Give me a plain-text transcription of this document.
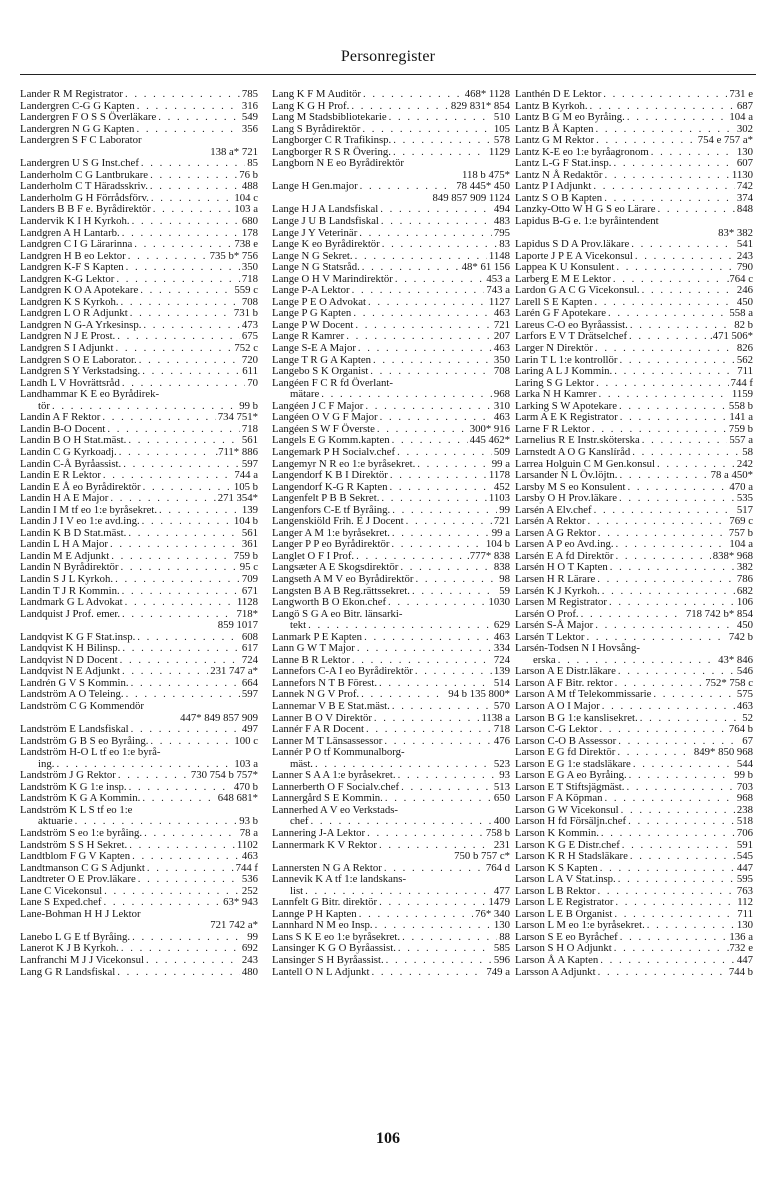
Personregister
Lander R M Registrator . . .	785
Landergren C-G G Kapten . . .	316
Landergren F O S S Överläkare . . .	549
Landergren N G G Kapten . . .	356
Landergren S F C Laborator
138 a* 721
Landergren U S G Inst.chef . . .	85
Landerholm C G Lantbrukare . . .	76 b
Landerholm C T Häradsskriv. . . .	488
Landerholm G H Förrådsförv. . . .	104 c
Landers B B F e. Byrådirektör . . .	103 a
Landervik K I H Kyrkoh. . . .	680
Landgren A H Lantarb. . . .	178
Landgren C I G Lärarinna . . .	738 e
Landgren H B eo Lektor . . .	735 b* 756
Landgren K-F S Kapten . . .	350
Landgren K-G Lektor . . .	718
Landgren K O A Apotekare . . .	559 c
Landgren K S Kyrkoh. . . .	708
Landgren L O R Adjunkt . . .	731 b
Landgren N G-A Yrkesinsp. . . .	473
Landgren N J E Prost. . . .	675
Landgren S I Adjunkt . . .	752 c
Landgren S O E Laborator. . . .	720
Landgren S Y Verkstadsing. . . .	611
Landh L V Hovrättsråd . . .	70
Landhammar K E eo Byrådirek-
tör . . .	99 b
Landin A F Rektor . . .	734 751*
Landin B-O Docent . . .	718
Landin B O H Stat.mäst. . . .	561
Landin C G Kyrkoadj. . . .	.711* 886
Landin C-Å Byråassist. . . .	597
Landin E R Lektor . . .	744 a
Landin E Å eo Byrådirektör . . .	105 b
Landin H A E Major . . .	271 354*
Landin I M tf eo 1:e byråsekret. . . .	139
Landin J I V eo 1:e avd.ing. . . .	104 b
Landin K B D Stat.mäst. . . .	561
Landin L H A Major . . .	361
Landin M E Adjunkt . . .	759 b
Landin N Byrådirektör . . .	95 c
Landin S J L Kyrkoh. . . .	709
Landin T J R Kommin. . . .	671
Landmark G L Advokat . . .	1128
Landquist J Prof. emer. . . .	718*
859 1017
Landqvist K G F Stat.insp. . . .	608
Landqvist K H Bilinsp. . . .	617
Landqvist N D Docent . . .	724
Landqvist N E Adjunkt . . .	231 747 a*
Landrén G V S Kommin. . . .	664
Landström A O Teleing. . . .	597
Landström C G Kommendör
447* 849 857 909
Landström E Landsfiskal . . .	497
Landström G B S eo Byråing. . . .	100 c
Landström H-O L tf eo 1:e byrå-
ing. . . .	103 a
Landström J G Rektor . . .	730 754 b 757*
Landström K G 1:e insp. . . .	470 b
Landström K G A Kommin. . . .	648 681*
Landström K L S tf eo 1:e
aktuarie . . .	93 b
Landström S eo 1:e byråing. . . .	78 a
Landström S S H Sekret. . . .	1102
Landtblom F G V Kapten . . .	463
Landtmanson C G S Adjunkt . . .	744 f
Landtreter O E Prov.läkare . . .	536
Lane C Vicekonsul . . .	252
Lane S Exped.chef . . .	63* 943
Lane-Bohman H H J Lektor
721 742 a*
Lanebo L G E tf Byråing. . . .	99
Lanerot K J B Kyrkoh. . . .	692
Lanfranchi M J J Vicekonsul . . .	243
Lang G R Landsfiskal . . .	480
Lang K F M Auditör . . .	468* 1128
Lang K G H Prof. . . .	829 831* 854
Lang M Stadsbibliotekarie . . .	510
Lang S Byrådirektör . . .	105
Langborger C R Trafikinsp. . . .	578
Langborger R S R Övering. . . .	1129
Langborn N E eo Byrådirektör
118 b 475*
Lange H Gen.major . . .	78 445* 450
849 857 909 1124
Lange H J A Landsfiskal . . .	494
Lange J U B Landsfiskal . . .	483
Lange J Y Veterinär . . .	795
Lange K eo Byrådirektör . . .	83
Lange N G Sekret. . . .	1148
Lange N G Statsråd. . . .	48* 61 156
Lange O H V Marindirektör . . .	453 a
Lange P-A Lektor . . .	743 a
Lange P E O Advokat . . .	1127
Lange P G Kapten . . .	463
Lange P W Docent . . .	721
Lange R Kamrer . . .	207
Lange S-E A Major . . .	463
Lange T R G A Kapten . . .	350
Langebo S K Organist . . .	708
Langéen F C R fd Överlant-
mätare . . .	968
Langéen J C F Major . . .	310
Langéen O V G F Major . . .	463
Langéen S W F Överste . . .	300* 916
Langels E G Komm.kapten . . .	445 462*
Langemark P H Socialv.chef . . .	509
Langemyr N R eo 1:e byråsekret. . . .	99 a
Langendorf K B I Direktör . . .	1178
Langendorf K-G R Kapten . . .	452
Langenfelt P B B Sekret. . . .	1103
Langenfors C-E tf Byråing. . . .	99
Langenskiöld Frih. E J Docent . . .	721
Langer A M 1:e byråsekret. . . .	99 a
Langer P P eo Byrådirektör . . .	104 b
Langlet O F I Prof. . . .	.777* 838
Langsæter A E Skogsdirektör . . .	838
Langseth A M V eo Byrådirektör . . .	98
Langsten B A B Reg.rättssekret. . . .	59
Langworth B O Ekon.chef . . .	1030
Langö S G A eo Bitr. länsarki-
tekt . . .	629
Lanmark P E Kapten . . .	463
Lann G W T Major . . .	334
Lanne B R Lektor . . .	724
Lannefors C-A I eo Byrådirektör . . .	139
Lannefors N T B Förest. . . .	514
Lannek N G V Prof. . . .	94 b 135 800*
Lannemar V B E Stat.mäst. . . .	570
Lanner B O V Direktör . . .	1138 a
Lannér F A R Docent . . .	718
Lanner M T Länsassessor . . .	476
Lannér P O tf Kommunalborg-
mäst. . . .	523
Lanner S A A 1:e byråsekret. . . .	93
Lannerberth O F Socialv.chef . . .	513
Lannergård S E Kommin. . . .	650
Lannerhed A V eo Verkstads-
chef . . .	400
Lannering J-A Lektor . . .	758 b
Lannermark K V Rektor . . .	231
750 b 757 c*
Lannersten N G A Rektor . . .	764 d
Lannevik K A tf 1:e landskans-
list . . .	477
Lannfelt G Bitr. direktör . . .	1479
Lannge P H Kapten . . .	76* 340
Lannhard N M eo Insp. . . .	130
Lans S K E eo 1:e byråsekret. . . .	88
Lansinger K G O Byråassist. . . .	585
Lansinger S H Byråassist. . . .	596
Lantell O N L Adjunkt . . .	749 a
Lanthén D E Lektor . . .	731 e
Lantz B Kyrkoh. . . .	687
Lantz B G M eo Byråing. . . .	104 a
Lantz B Å Kapten . . .	302
Lantz G M Rektor . . .	754 e 757 a*
Lantz K-E eo 1:e byråagronom . . .	130
Lantz L-G F Stat.insp. . . .	607
Lantz N Å Redaktör . . .	1130
Lantz P I Adjunkt . . .	742
Lantz S O B Kapten . . .	374
Lanzky-Otto W H G S eo Lärare . . .	848
Lapidus B-G e. 1:e byråintendent
83* 382
Lapidus S D A Prov.läkare . . .	541
Laporte J P E A Vicekonsul . . .	243
Lappea K U Konsulent . . .	790
Larberg E M E Lektor . . .	.764 c
Lardon G A C G Vicekonsul. . . .	246
Larell S E Kapten . . .	450
Larén G F Apotekare . . .	558 a
Lareus C-O eo Byråassist. . . .	82 b
Larfors E V T Drätselchef . . .	.471 506*
Larger N Direktör . . .	826
Larin T L 1:e kontrollör . . .	562
Laring A L J Kommin. . . .	711
Laring S G Lektor . . .	744 f
Larka N H Kamrer . . .	1159
Larking S W Apotekare . . .	558 b
Larm A E K Registrator . . .	141 a
Larne F R Lektor . . .	759 b
Larnelius R E Instr.sköterska . . .	557 a
Larnstedt A O G Kanslíråd . . .	58
Larrea Holguin C M Gen.konsul . . .	242
Larsander N L Öv.löjtn. . . .	78 a 450*
Larsby M S eo Konsulent . . .	470 a
Larsby O H Prov.läkare . . .	535
Larsén A Elv.chef . . .	517
Larsén A Rektor . . .	769 c
Larsen A G Rektor . . .	757 b
Larsen A P eo Avd.ing. . . .	104 a
Larsén E A fd Direktör . . .	838* 968
Larsén H O T Kapten . . .	382
Larsen H R Lärare . . .	786
Larsén K J Kyrkoh. . . .	682
Larsen M Registrator . . .	106
Larsén O Prof. . . .	718 742 b* 854
Larsén S-Å Major . . .	450
Larsén T Lektor . . .	742 b
Larsén-Todsen N I Hovsång-
erska . . .	43* 846
Larson A E Distr.läkare . . .	546
Larson A F Bitr. rektor . . .	752* 758 c
Larson A M tf Telekommissarie . . .	575
Larson A O I Major . . .	463
Larson B G 1:e kanslisekret. . . .	52
Larson C-G Lektor . . .	764 b
Larson C-O B Assessor . . .	67
Larson E G fd Direktör . . .	849* 850 968
Larson E G 1:e stadsläkare . . .	544
Larson E G A eo Byråing. . . .	99 b
Larson E T Stiftsjägmäst. . . .	703
Larson F A Köpman . . .	968
Larson G W Vicekonsul . . .	238
Larson H fd Försäljn.chef . . .	518
Larson K Kommin. . . .	706
Larson K G E Distr.chef . . .	591
Larson K R H Stadsläkare . . .	545
Larson K S Kapten . . .	447
Larson L A V Stat.insp. . . .	595
Larson L B Rektor . . .	763
Larson L E Registrator . . .	112
Larson L E B Organist . . .	711
Larson L M eo 1:e byråsekret. . . .	130
Larson S E eo Byråchef . . .	136 a
Larson S H O Adjunkt . . .	.732 e
Larson Å A Kapten . . .	447
Larsson A Adjunkt . . .	744 b
106
